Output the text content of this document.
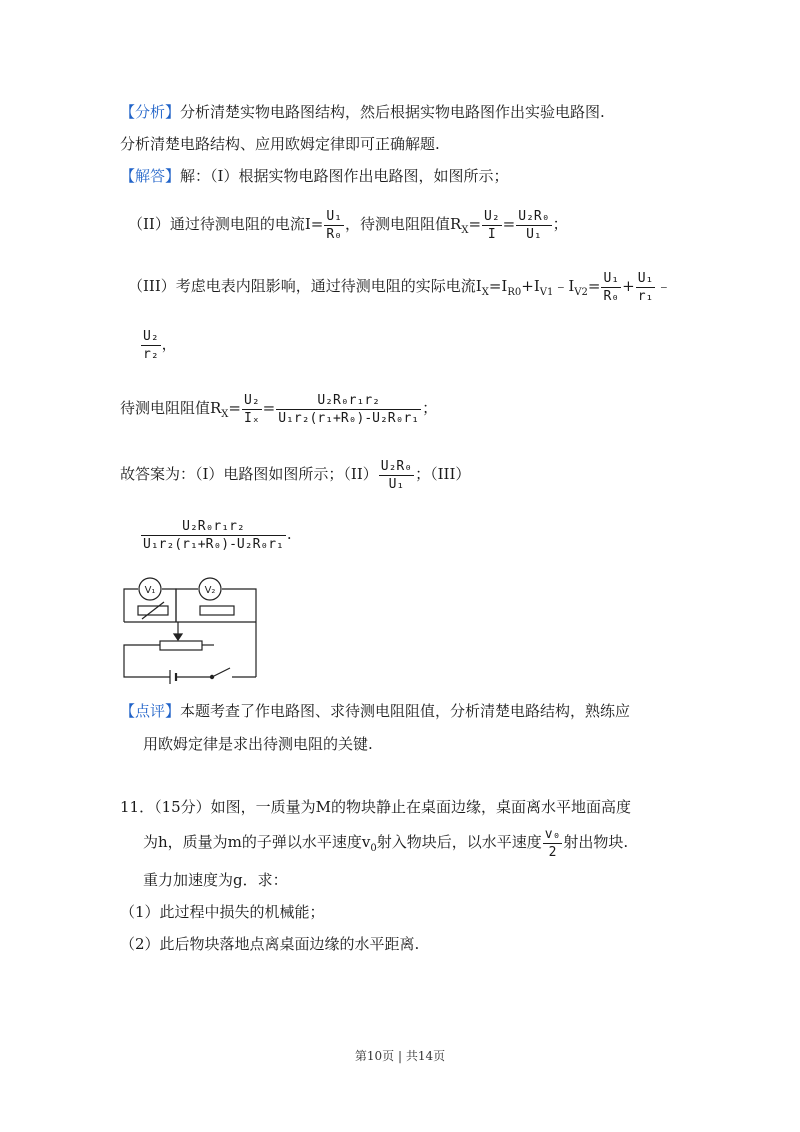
【分析】分析清楚实物电路图结构，然后根据实物电路图作出实验电路图.
分析清楚电路结构、应用欧姆定律即可正确解题.
【解答】解：（I）根据实物电路图作出电路图，如图所示；
（II）通过待测电阻的电流$I= \frac{\text{U₁}}{\text{R₀}}$ ，待测电阻阻值$R_X= \frac{\text{U₂}}{I} = \frac{\text{U₂R₀}}{\text{U₁}}$ ；
（III）考虑电表内阻影响，通过待测电阻的实际电流$I_X=I_{R0}+I_{V1}﹣I_{V2}= \frac{\text{U₁}}{\text{R₀}} + \frac{\text{U₁}}{\text{r₁}}$ ﹣
$\frac{\text{U₂}}{\text{r₂}}$ ，
待测电阻阻值$R_X= \frac{\text{U₂}}{\text{Iₓ}} = \frac{\text{U₂R₀r₁r₂}}{\text{U₁r₂(r₁+R₀)-U₂R₀r₁}}$ ；
故答案为：（I）电路图如图所示；$(II) \frac{\text{U₂R₀}}{\text{U₁}}$ ；（III）
$\frac{\text{U₂R₀r₁r₂}}{\text{U₁r₂(r₁+R₀)-U₂R₀r₁}}$ .
V₁	V₂
【点评】本题考查了作电路图、求待测电阻阻值，分析清楚电路结构，熟练应
用欧姆定律是求出待测电阻的关键.
11．（15分）如图，一质量为M的物块静止在桌面边缘，桌面离水平地面高度
为h，质量为m的子弹以水平速度$v_0$射入物块后，以水平速度 $\frac{\text{v₀}}{2}$ 射出物块.
重力加速度为g．求：
（1）此过程中损失的机械能；
（2）此后物块落地点离桌面边缘的水平距离.
第10页 | 共14页
